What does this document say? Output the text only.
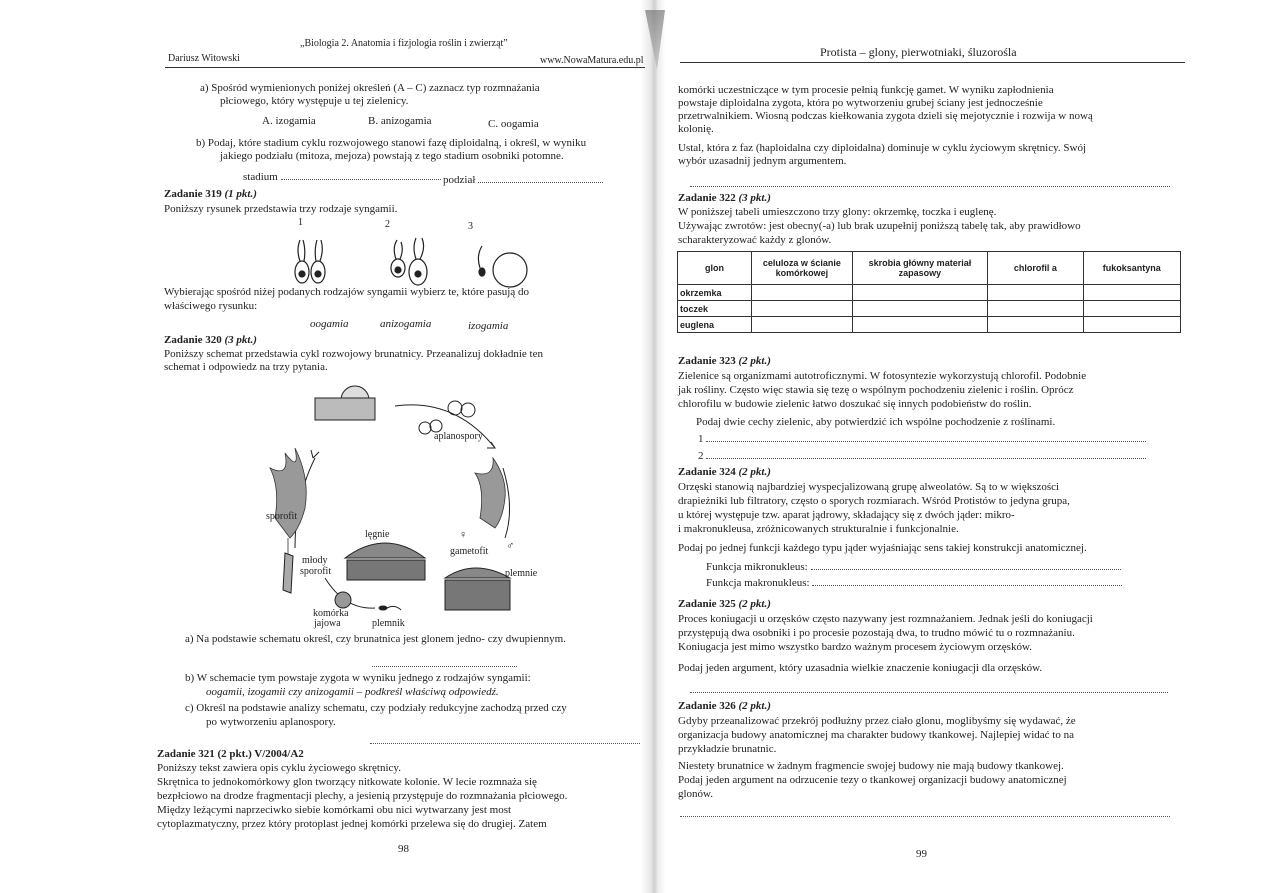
Dariusz Witowski
„Biologia 2. Anatomia i fizjologia roślin i zwierząt”
www.NowaMatura.edu.pl
a) Spośród wymienionych poniżej określeń (A – C) zaznacz typ rozmnażania
płciowego, który występuje u tej zielenicy.
A. izogamia	B. anizogamia	C. oogamia
b) Podaj, które stadium cyklu rozwojowego stanowi fazę diploidalną, i określ, w wyniku
jakiego podziału (mitoza, mejoza) powstają z tego stadium osobniki potomne.
stadium	podział
Zadanie 319 (1 pkt.)
Poniższy rysunek przedstawia trzy rodzaje syngamii.
1	2	3
Wybierając spośród niżej podanych rodzajów syngamii wybierz te, które pasują do
właściwego rysunku:
oogamia	anizogamia	izogamia
Zadanie 320 (3 pkt.)
Poniższy schemat przedstawia cykl rozwojowy brunatnicy. Przeanalizuj dokładnie ten
schemat i odpowiedz na trzy pytania.
aplanospory
sporofit
lęgnie	♀
gametofit ♂
młody
sporofit	plemnie
komórka
jajowa	plemnik
a) Na podstawie schematu określ, czy brunatnica jest glonem jedno- czy dwupiennym.
b) W schemacie tym powstaje zygota w wyniku jednego z rodzajów syngamii:
oogamii, izogamii czy anizogamii – podkreśl właściwą odpowiedź.
c) Określ na podstawie analizy schematu, czy podziały redukcyjne zachodzą przed czy
po wytworzeniu aplanospory.
Zadanie 321 (2 pkt.) V/2004/A2
Poniższy tekst zawiera opis cyklu życiowego skrętnicy.
Skrętnica to jednokomórkowy glon tworzący nitkowate kolonie. W lecie rozmnaża się
bezpłciowo na drodze fragmentacji plechy, a jesienią przystępuje do rozmnażania płciowego.
Między leżącymi naprzeciwko siebie komórkami obu nici wytwarzany jest most
cytoplazmatyczny, przez który protoplast jednej komórki przelewa się do drugiej. Zatem
98
Protista – glony, pierwotniaki, śluzorośla
komórki uczestniczące w tym procesie pełnią funkcję gamet. W wyniku zapłodnienia
powstaje diploidalna zygota, która po wytworzeniu grubej ściany jest jednocześnie
przetrwalnikiem. Wiosną podczas kiełkowania zygota dzieli się mejotycznie i rozwija w nową
kolonię.
Ustal, która z faz (haploidalna czy diploidalna) dominuje w cyklu życiowym skrętnicy. Swój
wybór uzasadnij jednym argumentem.
Zadanie 322 (3 pkt.)
W poniższej tabeli umieszczono trzy glony: okrzemkę, toczka i euglenę.
Używając zwrotów: jest obecny(-a) lub brak uzupełnij poniższą tabelę tak, aby prawidłowo
scharakteryzować każdy z glonów.
glon	celuloza w ścianie komórkowej	skrobia główny materiał zapasowy	chlorofil a	fukoksantyna
okrzemka				
toczek				
euglena				
Zadanie 323 (2 pkt.)
Zielenice są organizmami autotroficznymi. W fotosyntezie wykorzystują chlorofil. Podobnie
jak rośliny. Często więc stawia się tezę o wspólnym pochodzeniu zielenic i roślin. Oprócz
chlorofilu w budowie zielenic łatwo doszukać się innych podobieństw do roślin.
Podaj dwie cechy zielenic, aby potwierdzić ich wspólne pochodzenie z roślinami.
1
2
Zadanie 324 (2 pkt.)
Orzęski stanowią najbardziej wyspecjalizowaną grupę alweolatów. Są to w większości
drapieżniki lub filtratory, często o sporych rozmiarach. Wśród Protistów to jedyna grupa,
u której występuje tzw. aparat jądrowy, składający się z dwóch jąder: mikro-
i makronukleusa, zróżnicowanych strukturalnie i funkcjonalnie.
Podaj po jednej funkcji każdego typu jąder wyjaśniając sens takiej konstrukcji anatomicznej.
Funkcja mikronukleus:
Funkcja makronukleus:
Zadanie 325 (2 pkt.)
Proces koniugacji u orzęsków często nazywany jest rozmnażaniem. Jednak jeśli do koniugacji
przystępują dwa osobniki i po procesie pozostają dwa, to trudno mówić tu o rozmnażaniu.
Koniugacja jest mimo wszystko bardzo ważnym procesem życiowym orzęsków.
Podaj jeden argument, który uzasadnia wielkie znaczenie koniugacji dla orzęsków.
Zadanie 326 (2 pkt.)
Gdyby przeanalizować przekrój podłużny przez ciało glonu, moglibyśmy się wydawać, że
organizacja budowy anatomicznej ma charakter budowy tkankowej. Najlepiej widać to na
przykładzie brunatnic.
Niestety brunatnice w żadnym fragmencie swojej budowy nie mają budowy tkankowej.
Podaj jeden argument na odrzucenie tezy o tkankowej organizacji budowy anatomicznej
glonów.
99
